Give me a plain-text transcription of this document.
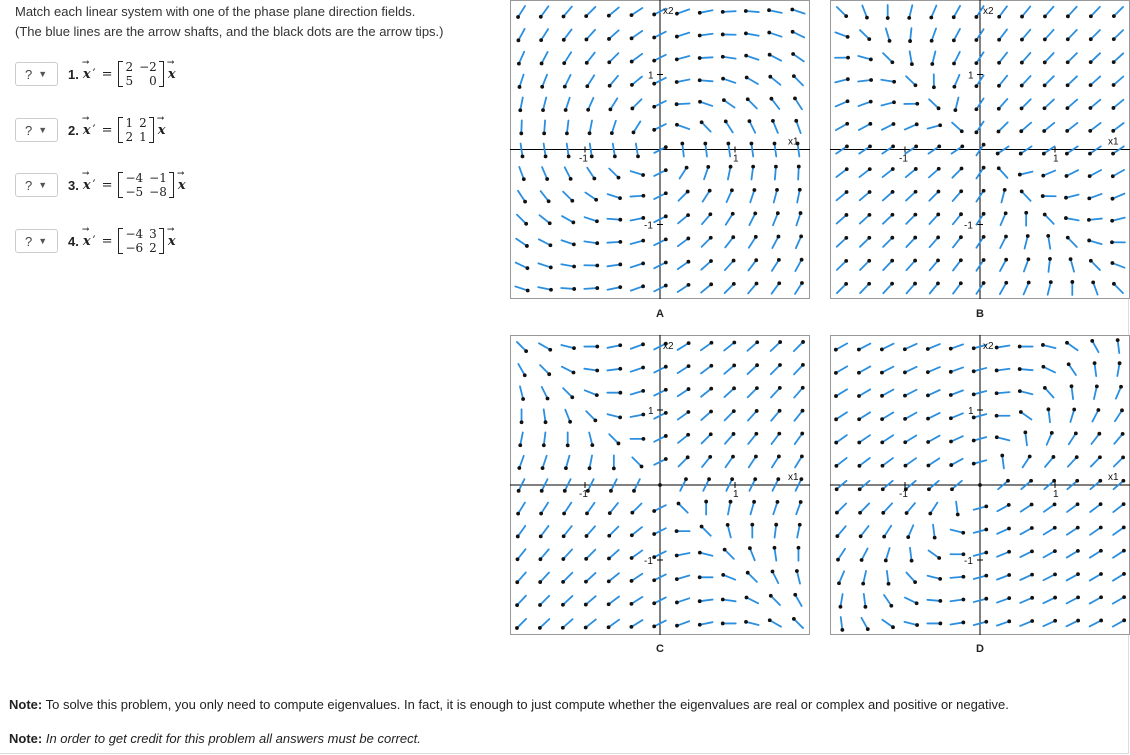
Match each linear system with one of the phase plane direction fields.
(The blue lines are the arrow shafts, and the black dots are the arrow tips.)
? ▼ 1. → x ′ = 2	−2
5	0 → x
? ▼ 2. → x ′ = 1	2
2	1 → x
? ▼ 3. → x ′ = −4	−1
−5	−8 → x
? ▼ 4. → x ′ = −4	3
−6	2 → x
x2
x1
-1	1
1
-1
A
x2
x1
-1	1
1
-1
B
x2
x1
-1	1
1
-1
C
x2
x1
-1	1
1
-1
D
Note: To solve this problem, you only need to compute eigenvalues. In fact, it is enough to just compute whether the eigenvalues are real or complex and positive or negative.
Note: In order to get credit for this problem all answers must be correct.
